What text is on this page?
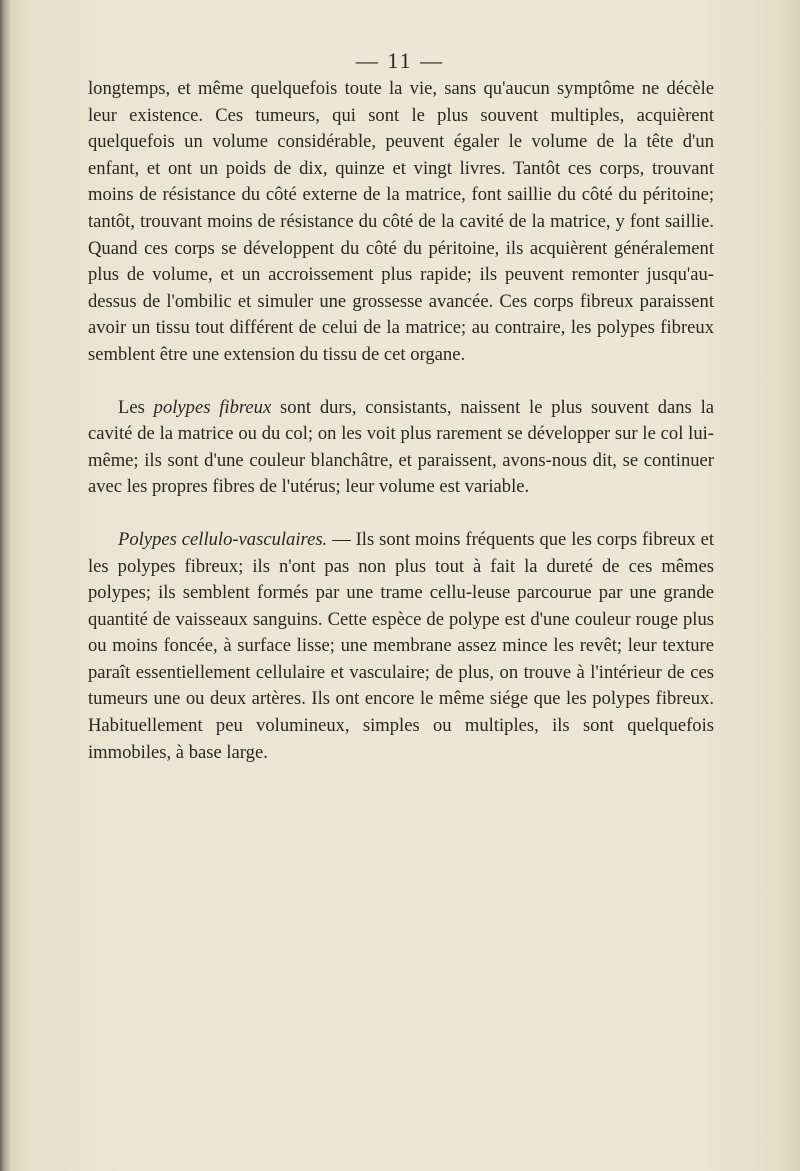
— 11 —

longtemps, et même quelquefois toute la vie, sans qu'aucun symptôme ne décèle leur existence. Ces tumeurs, qui sont le plus souvent multiples, acquièrent quelquefois un volume considérable, peuvent égaler le volume de la tête d'un enfant, et ont un poids de dix, quinze et vingt livres. Tantôt ces corps, trouvant moins de résistance du côté externe de la matrice, font saillie du côté du péritoine; tantôt, trouvant moins de résistance du côté de la cavité de la matrice, y font saillie. Quand ces corps se développent du côté du péritoine, ils acquièrent généralement plus de volume, et un accroissement plus rapide; ils peuvent remonter jusqu'au-dessus de l'ombilic et simuler une grossesse avancée. Ces corps fibreux paraissent avoir un tissu tout différent de celui de la matrice; au contraire, les polypes fibreux semblent être une extension du tissu de cet organe.

Les polypes fibreux sont durs, consistants, naissent le plus souvent dans la cavité de la matrice ou du col; on les voit plus rarement se développer sur le col lui-même; ils sont d'une couleur blanchâtre, et paraissent, avons-nous dit, se continuer avec les propres fibres de l'utérus; leur volume est variable.

Polypes cellulo-vasculaires. — Ils sont moins fréquents que les corps fibreux et les polypes fibreux; ils n'ont pas non plus tout à fait la dureté de ces mêmes polypes; ils semblent formés par une trame cellu-leuse parcourue par une grande quantité de vaisseaux sanguins. Cette espèce de polype est d'une couleur rouge plus ou moins foncée, à surface lisse; une membrane assez mince les revêt; leur texture paraît essentiellement cellulaire et vasculaire; de plus, on trouve à l'intérieur de ces tumeurs une ou deux artères. Ils ont encore le même siége que les polypes fibreux. Habituellement peu volumineux, simples ou multiples, ils sont quelquefois immobiles, à base large.
